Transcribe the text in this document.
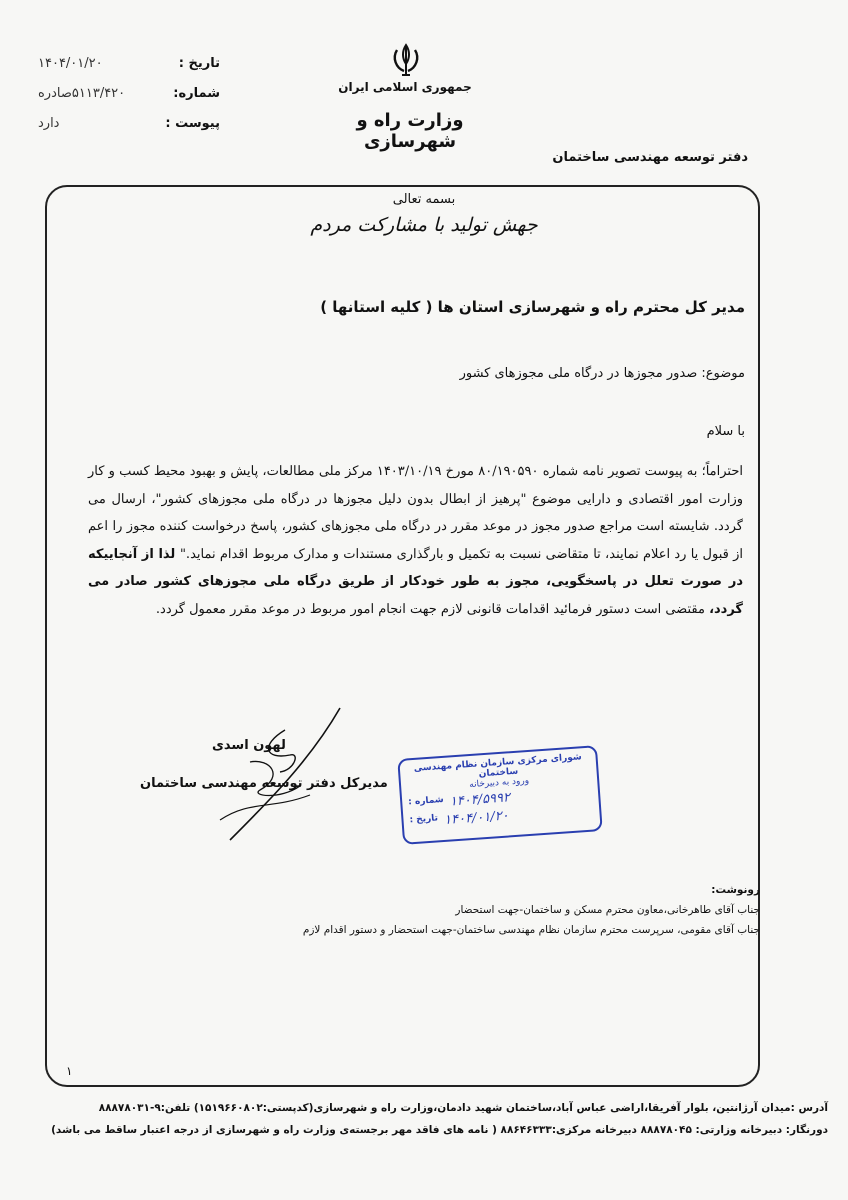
جمهوری اسلامی ایران
وزارت راه و شهرسازی
دفتر توسعه مهندسی ساختمان
تاریخ :
۱۴۰۴/۰۱/۲۰
شماره:
۵۱۱۳/۴۲۰صادره
پیوست :
دارد
بسمه تعالی
جهش تولید با مشارکت مردم
مدیر کل محترم راه و شهرسازی استان ها ( کلیه استانها )
موضوع: صدور مجوزها در درگاه ملی مجوزهای کشور
با سلام
احتراماً؛ به پیوست تصویر نامه شماره ۸۰/۱۹۰۵۹۰ مورخ ۱۴۰۳/۱۰/۱۹ مرکز ملی مطالعات، پایش و بهبود محیط کسب و کار وزارت امور اقتصادی و دارایی موضوع "پرهیز از ابطال بدون دلیل مجوزها در درگاه ملی مجوزهای کشور"، ارسال می گردد. شایسته است مراجع صدور مجوز در موعد مقرر در درگاه ملی مجوزهای کشور، پاسخ درخواست کننده مجوز را اعم از قبول یا رد اعلام نمایند، تا متقاضی نسبت به تکمیل و بارگذاری مستندات و مدارک مربوط اقدام نماید." لذا از آنجاییکه در صورت تعلل در پاسخگویی، مجوز به طور خودکار از طریق درگاه ملی مجوزهای کشور صادر می گردد، مقتضی است دستور فرمائید اقدامات قانونی لازم جهت انجام امور مربوط در موعد مقرر معمول گردد.
لهون اسدی
مدیرکل دفتر توسعه مهندسی ساختمان
شورای مرکزی سازمان نظام مهندسی ساختمان
ورود به دبیرخانه
شماره : ۱۴۰۴/۵۹۹۲
تاریخ : ۱۴۰۴/۰۱/۲۰
رونوشت:
جناب آقای طاهرخانی،معاون محترم مسکن و ساختمان-جهت استحضار
جناب آقای مقومی، سرپرست محترم سازمان نظام مهندسی ساختمان-جهت استحضار و دستور اقدام لازم
۱
آدرس :میدان آرژانتین، بلوار آفریقا،اراضی عباس آباد،ساختمان شهید دادمان،وزارت راه و شهرسازی(کدپستی:۱۵۱۹۶۶۰۸۰۲) تلفن:۹-۸۸۸۷۸۰۳۱
دورنگار: دبیرخانه وزارتی: ۸۸۸۷۸۰۴۵ دبیرخانه مرکزی:۸۸۶۴۶۳۳۳ ( نامه های فاقد مهر برجسته‌ی وزارت راه و شهرسازی از درجه اعتبار ساقط می باشد)
